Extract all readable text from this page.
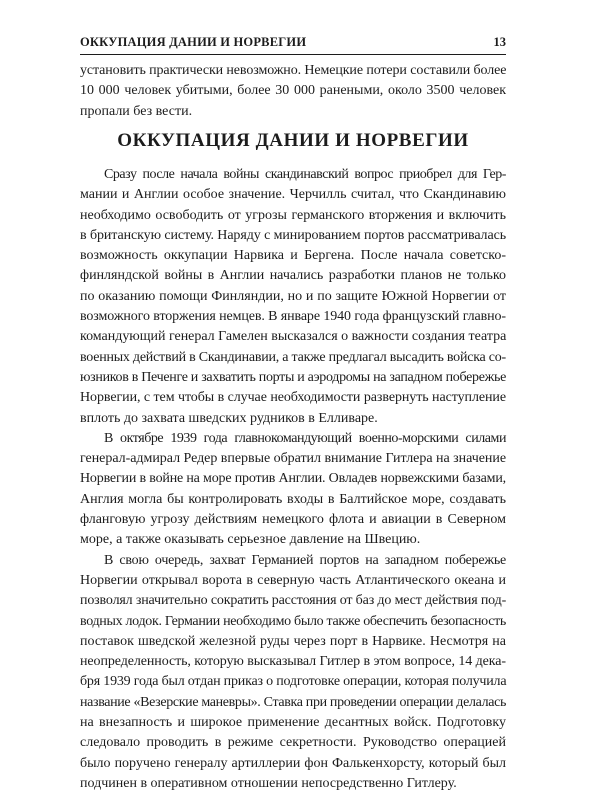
ОККУПАЦИЯ ДАНИИ И НОРВЕГИИ	13

установить практически невозможно. Немецкие потери составили более
10 000 человек убитыми, более 30 000 ранеными, около 3500 человек
пропали без вести.

ОККУПАЦИЯ ДАНИИ И НОРВЕГИИ

Сразу после начала войны скандинавский вопрос приобрел для Гер-
мании и Англии особое значение. Черчилль считал, что Скандинавию
необходимо освободить от угрозы германского вторжения и включить
в британскую систему. Наряду с минированием портов рассматривалась
возможность оккупации Нарвика и Бергена. После начала советско-
финляндской войны в Англии начались разработки планов не только
по оказанию помощи Финляндии, но и по защите Южной Норвегии от
возможного вторжения немцев. В январе 1940 года французский главно-
командующий генерал Гамелен высказался о важности создания театра
военных действий в Скандинавии, а также предлагал высадить войска со-
юзников в Печенге и захватить порты и аэродромы на западном побережье
Норвегии, с тем чтобы в случае необходимости развернуть наступление
вплоть до захвата шведских рудников в Елливаре.

В октябре 1939 года главнокомандующий военно-морскими силами
генерал-адмирал Редер впервые обратил внимание Гитлера на значение
Норвегии в войне на море против Англии. Овладев норвежскими базами,
Англия могла бы контролировать входы в Балтийское море, создавать
фланговую угрозу действиям немецкого флота и авиации в Северном
море, а также оказывать серьезное давление на Швецию.

В свою очередь, захват Германией портов на западном побережье
Норвегии открывал ворота в северную часть Атлантического океана и
позволял значительно сократить расстояния от баз до мест действия под-
водных лодок. Германии необходимо было также обеспечить безопасность
поставок шведской железной руды через порт в Нарвике. Несмотря на
неопределенность, которую высказывал Гитлер в этом вопросе, 14 дека-
бря 1939 года был отдан приказ о подготовке операции, которая получила
название «Везерские маневры». Ставка при проведении операции делалась
на внезапность и широкое применение десантных войск. Подготовку
следовало проводить в режиме секретности. Руководство операцией
было поручено генералу артиллерии фон Фалькенхорсту, который был
подчинен в оперативном отношении непосредственно Гитлеру.
